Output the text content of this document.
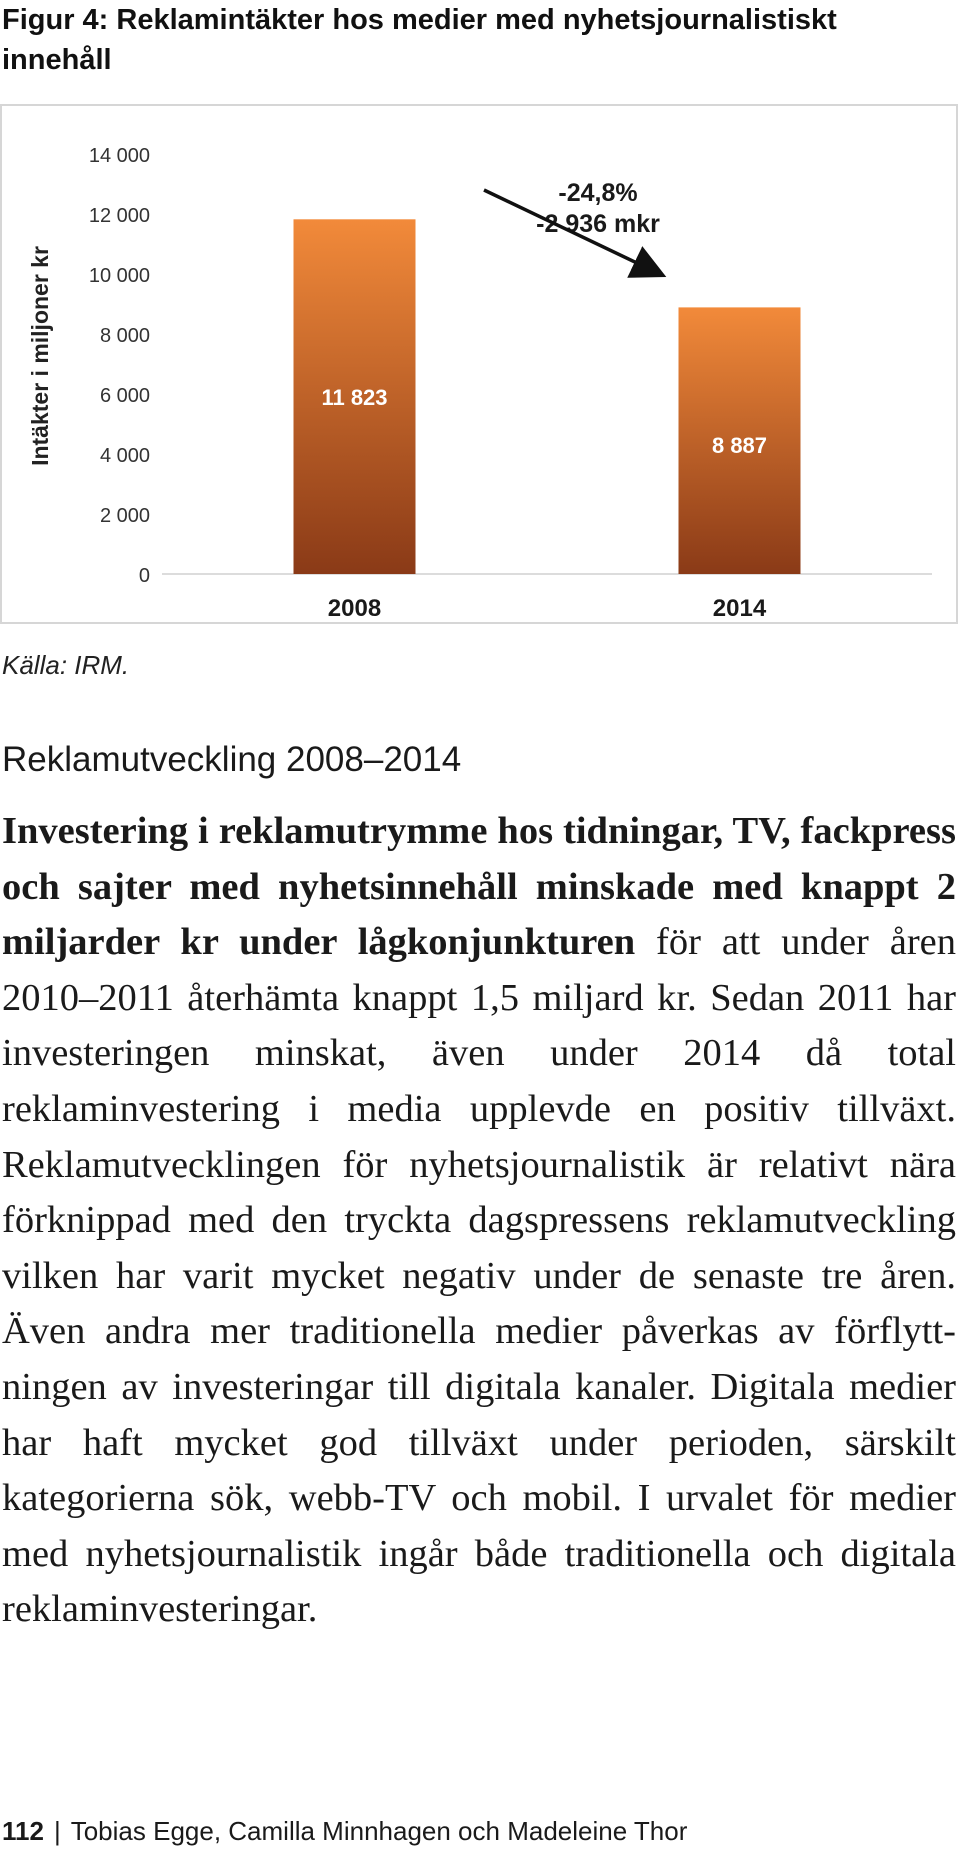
Figur 4: Reklamintäkter hos medier med nyhetsjournalistiskt innehåll
Intäkter i miljoner kr
0
2 000
4 000
6 000
8 000
10 000
12 000
14 000
11 823
8 887
2008	2014
-24,8%
-2 936 mkr
Källa: IRM.
Reklamutveckling 2008–2014
Investering i reklamutrymme hos tidningar, TV, fackpress och sajter med nyhetsinnehåll minskade med knappt 2 miljarder kr under lågkonjunkturen för att under åren 2010–2011 återhämta knappt 1,5 miljard kr. Sedan 2011 har investeringen minskat, även under 2014 då total reklaminvestering i media upplevde en positiv tillväxt. Reklamutvecklingen för nyhetsjournalistik är relativt nära förknippad med den tryckta dagspressens reklamutveckling vilken har varit mycket negativ under de senaste tre åren. Även andra mer traditionella medier påverkas av förflyttningen av investeringar till digitala kanaler. Digitala medier har haft mycket god tillväxt under perioden, särskilt kategorierna sök, webb-TV och mobil. I urvalet för medier med nyhetsjournalistik ingår både traditionella och digitala reklaminvesteringar.
112 | Tobias Egge, Camilla Minnhagen och Madeleine Thor
